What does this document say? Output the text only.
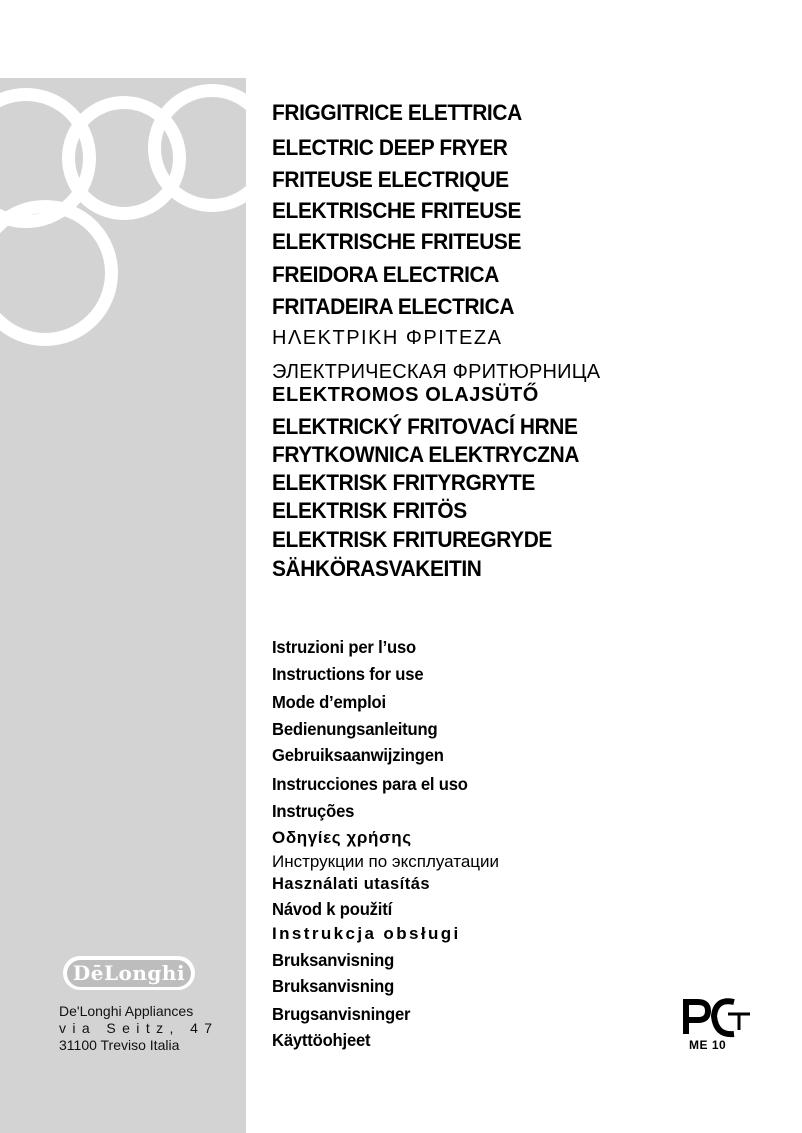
DēLonghi
De'Longhi Appliances
via Seitz, 47
31100 Treviso Italia
FRIGGITRICE ELETTRICA
ELECTRIC DEEP FRYER
FRITEUSE ELECTRIQUE
ELEKTRISCHE FRITEUSE
ELEKTRISCHE FRITEUSE
FREIDORA ELECTRICA
FRITADEIRA ELECTRICA
ΗΛΕΚΤΡΙΚΗ ΦΡΙΤΕΖΑ
ЭЛЕКТРИЧЕСКАЯ ФРИТЮРНИЦА
ELEKTROMOS OLAJSÜTŐ
ELEKTRICKÝ FRITOVACÍ HRNE
FRYTKOWNICA ELEKTRYCZNA
ELEKTRISK FRITYRGRYTE
ELEKTRISK FRITÖS
ELEKTRISK FRITUREGRYDE
SÄHKÖRASVAKEITIN
Istruzioni per l’uso
Instructions for use
Mode d’emploi
Bedienungsanleitung
Gebruiksaanwijzingen
Instrucciones para el uso
Instruções
Οδηγίες χρήσης
Инструкции по эксплуатации
Használati utasítás
Návod k použití
Instrukcja obsługi
Bruksanvisning
Bruksanvisning
Brugsanvisninger
Käyttöohjeet	ME 10
